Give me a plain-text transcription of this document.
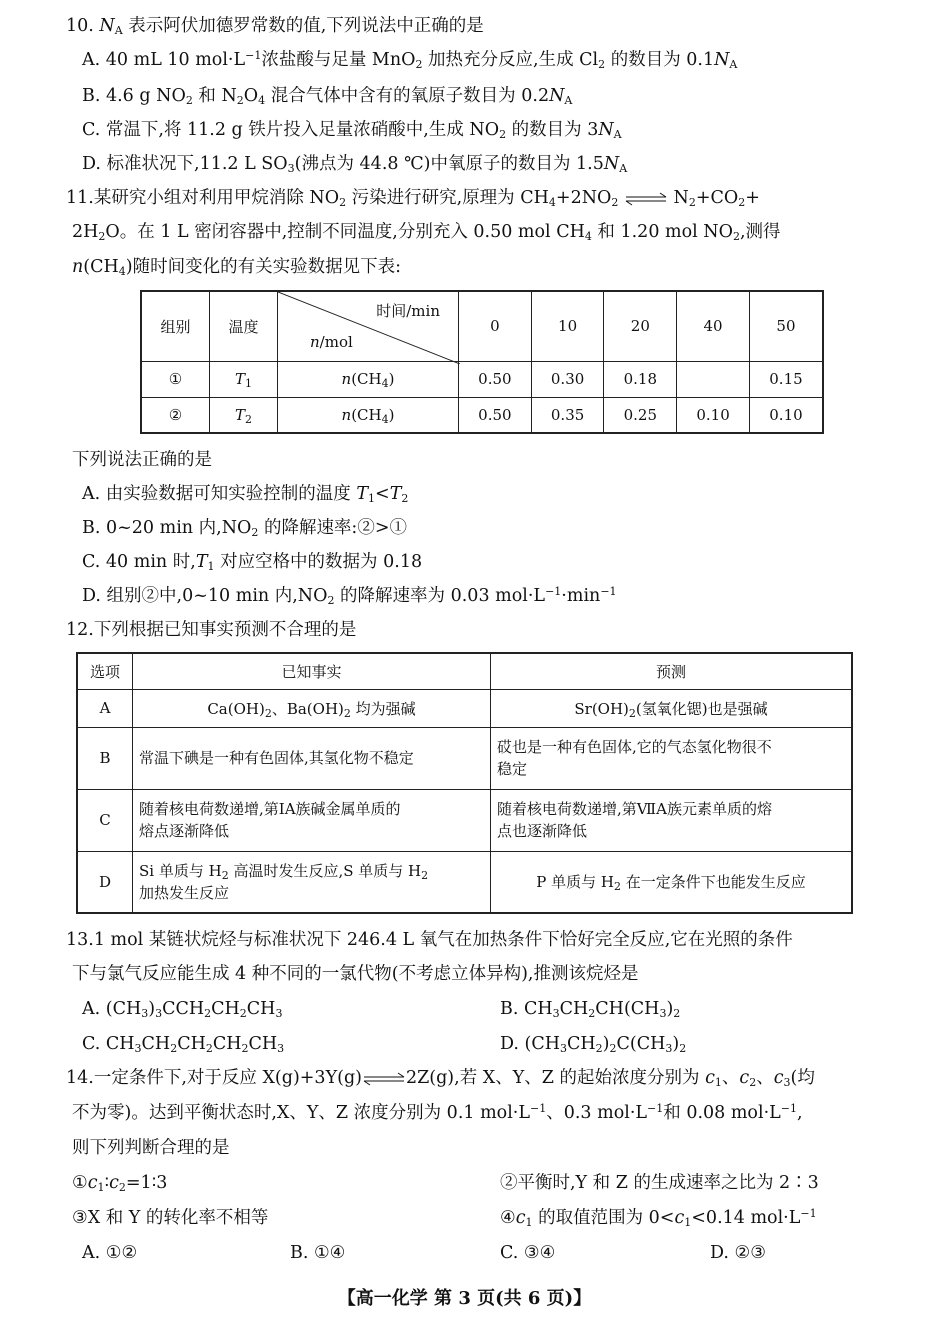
10. $N_A$ 表示阿伏加德罗常数的值,下列说法中正确的是
A. 40 mL 10 $mol\cdot L^{-1}$浓盐酸与足量 MnO$_2$ 加热充分反应,生成 $Cl_2$ 的数目为 $0.1N_A$
B. 4.6 g $NO_2$ 和 $N_2O_4$ 混合气体中含有的氧原子数目为 $0.2N_A$
C. 常温下,将 11.2 g 铁片投入足量浓硝酸中,生成 $NO_2$ 的数目为 $3N_A$
D. 标准状况下,11.2 L $SO_3$(沸点为 44.8 ℃)中氧原子的数目为 $1.5N_A$
11.某研究小组对利用甲烷消除 $NO_2$ 污染进行研究,原理为 $CH_4+2NO_2$ ⇌ $N_2+CO_2+$
$2H_2O$。在 1 L 密闭容器中,控制不同温度,分别充入 0.50 mol $CH_4$ 和 1.20 mol $NO_2$,测得
$n(CH_4)$随时间变化的有关实验数据见下表:
组别	温度	时间/min
n/mol	0	10	20	40	50
①	$T_1$	$n(CH_4)$	0.50	0.30	0.18		0.15
②	$T_2$	$n(CH_4)$	0.50	0.35	0.25	0.10	0.10
下列说法正确的是
A. 由实验数据可知实验控制的温度 $T_1<T_2$
B. 0~20 min 内$,NO_2$ 的降解速率:②>①
C. 40 min 时$,T_1$ 对应空格中的数据为 0.18
D. 组别②中,0~10 min 内$,NO_2$ 的降解速率为 0.03 $mol\cdot L^{-1}\cdot\min^{-1}$
12.下列根据已知事实预测不合理的是
选项	已知事实	预测
A	$Ca(OH)_2$、$Ba(OH)_2$ 均为强碱	$Sr(OH)_2$(氢氧化锶)也是强碱
B	常温下碘是一种有色固体,其氢化物不稳定	砹也是一种有色固体,它的气态氢化物很不
稳定
C	随着核电荷数递增,第ⅠA族碱金属单质的
熔点逐渐降低	随着核电荷数递增,第ⅦA族元素单质的熔
点也逐渐降低
D	Si 单质与 $H_2$ 高温时发生反应,S 单质与 $H_2$
加热发生反应	P 单质与 $H_2$ 在一定条件下也能发生反应
13.1 mol 某链状烷烃与标准状况下 246.4 L 氧气在加热条件下恰好完全反应,它在光照的条件
下与氯气反应能生成 4 种不同的一氯代物(不考虑立体异构),推测该烷烃是
A. $(CH_3)_3CCH_2CH_2CH_3$	B. $CH_3CH_2CH(CH_3)_2$
C. $CH_3CH_2CH_2CH_2CH_3$	D. $(CH_3CH_2)_2C(CH_3)_2$
14.一定条件下,对于反应 X(g)+3Y(g)⇌2Z(g),若 X、Y、Z 的起始浓度分别为 $c_1$、$c_2$、$c_3$(均
不为零)。达到平衡状态时,X、Y、Z 浓度分别为 0.1 $mol\cdot L^{-1}$、0.3 $mol\cdot L^{-1}$和 0.08 $mol\cdot L^{-1}$,
则下列判断合理的是
$①c_1∶c_2=1∶3$	②平衡时,Y 和 Z 的生成速率之比为 2∶3
③X 和 Y 的转化率不相等	$④c_1$ 的取值范围为 $0<c_1<0.14$ $mol\cdot L^{-1}$
A. ①②	B. ①④	C. ③④	D. ②③
【高一化学 第 3 页(共 6 页)】
